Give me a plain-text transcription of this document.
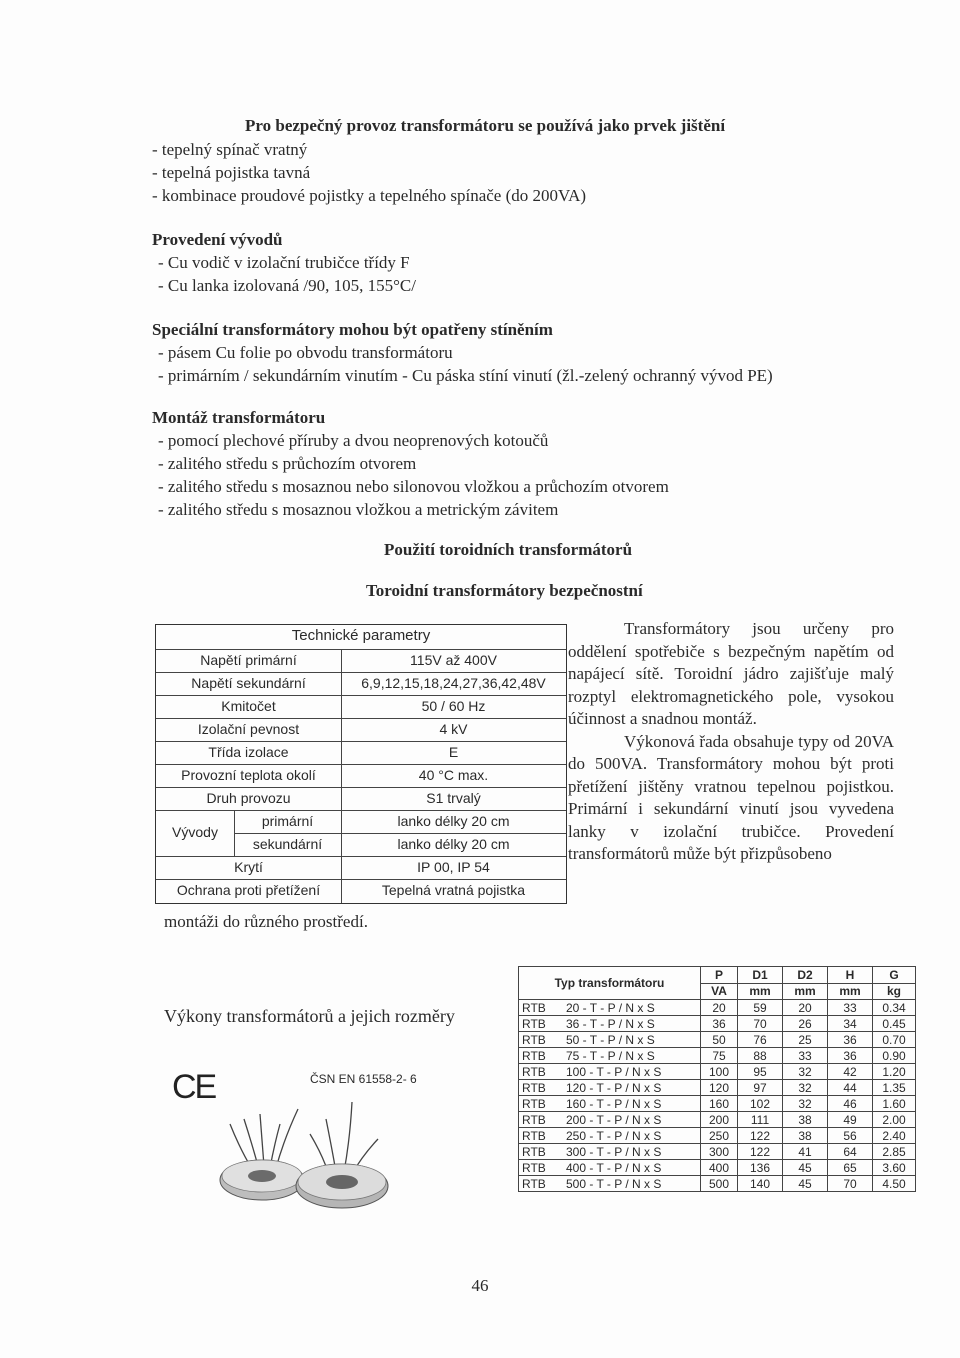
Pro bezpečný provoz transformátoru se používá jako prvek jištění
- tepelný spínač vratný
- tepelná pojistka tavná
- kombinace proudové pojistky a tepelného spínače (do 200VA)
Provedení vývodů
- Cu vodič v izolační trubičce třídy F
- Cu lanka izolovaná /90, 105, 155°C/
Speciální transformátory mohou být opatřeny stíněním
- pásem Cu folie po obvodu transformátoru
- primárním / sekundárním vinutím - Cu páska stíní vinutí (žl.-zelený ochranný vývod PE)
Montáž transformátoru
- pomocí plechové příruby a dvou neoprenových kotoučů
- zalitého středu s průchozím otvorem
- zalitého středu s mosaznou nebo silonovou vložkou a průchozím otvorem
- zalitého středu s mosaznou vložkou a metrickým závitem
Použití toroidních transformátorů
Toroidní transformátory bezpečnostní
Technické parametry
Napětí primární	115V až 400V
Napětí sekundární	6,9,12,15,18,24,27,36,42,48V
Kmitočet	50 / 60 Hz
Izolační pevnost	4 kV
Třída izolace	E
Provozní teplota okolí	40 °C max.
Druh provozu	S1 trvalý
Vývody
primární	lanko délky 20 cm
sekundární	lanko délky 20 cm
Krytí	IP 00, IP 54
Ochrana proti přetížení	Tepelná vratná pojistka

Transformátory jsou určeny pro oddělení spotřebiče s bezpečným napětím od napájecí sítě. Toroidní jádro zajišťuje malý rozptyl elektromagnetického pole, vysokou účinnost a snadnou montáž.

Výkonová řada obsahuje typy od 20VA do 500VA. Transformátory mohou být proti přetížení jištěny vratnou tepelnou pojistkou. Primární i sekundární vinutí jsou vyvedena lanky v izolační trubičce. Provedení transformátorů může být přizpůsobeno

montáži do různého prostředí.
Výkony transformátorů a jejich rozměry
CE	ČSN EN 61558-2- 6
Typ transformátoru	P	D1	D2	H	G
	VA	mm	mm	mm	kg
RTB 20 - T - P / N x S	20	59	20	33	0.34
RTB 36 - T - P / N x S	36	70	26	34	0.45
RTB 50 - T - P / N x S	50	76	25	36	0.70
RTB 75 - T - P / N x S	75	88	33	36	0.90
RTB 100 - T - P / N x S	100	95	32	42	1.20
RTB 120 - T - P / N x S	120	97	32	44	1.35
RTB 160 - T - P / N x S	160	102	32	46	1.60
RTB 200 - T - P / N x S	200	111	38	49	2.00
RTB 250 - T - P / N x S	250	122	38	56	2.40
RTB 300 - T - P / N x S	300	122	41	64	2.85
RTB 400 - T - P / N x S	400	136	45	65	3.60
RTB 500 - T - P / N x S	500	140	45	70	4.50
46
